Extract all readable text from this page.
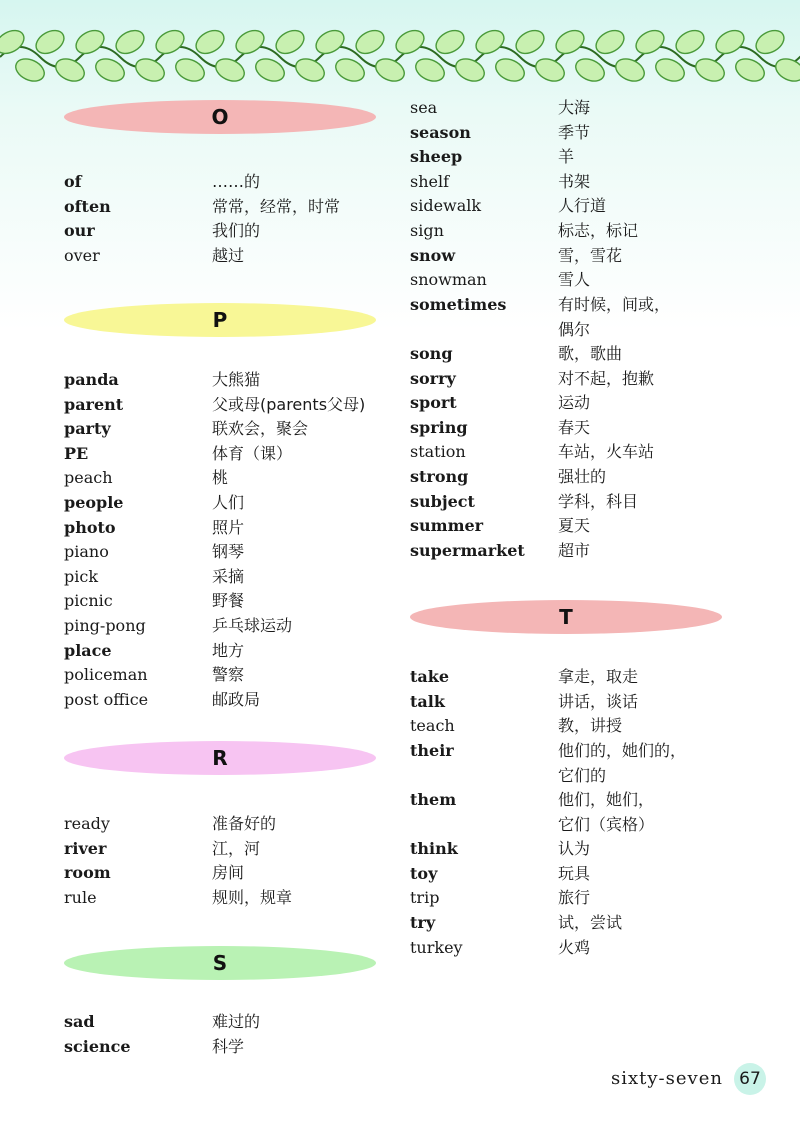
O
of	……的
often	常常，经常，时常
our	我们的
over	越过
P
panda	大熊猫
parent	父或母(parents父母)
party	联欢会，聚会
PE	体育（课）
peach	桃
people	人们
photo	照片
piano	钢琴
pick	采摘
picnic	野餐
ping-pong	乒乓球运动
place	地方
policeman	警察
post office	邮政局
R
ready	准备好的
river	江，河
room	房间
rule	规则，规章
S
sad	难过的
science	科学
sea	大海
season	季节
sheep	羊
shelf	书架
sidewalk	人行道
sign	标志，标记
snow	雪，雪花
snowman	雪人
sometimes	有时候，间或，
偶尔
song	歌，歌曲
sorry	对不起，抱歉
sport	运动
spring	春天
station	车站，火车站
strong	强壮的
subject	学科，科目
summer	夏天
supermarket	超市
T
take	拿走，取走
talk	讲话，谈话
teach	教，讲授
their	他们的，她们的，
它们的
them	他们，她们，
它们（宾格）
think	认为
toy	玩具
trip	旅行
try	试，尝试
turkey	火鸡
sixty-seven 67
